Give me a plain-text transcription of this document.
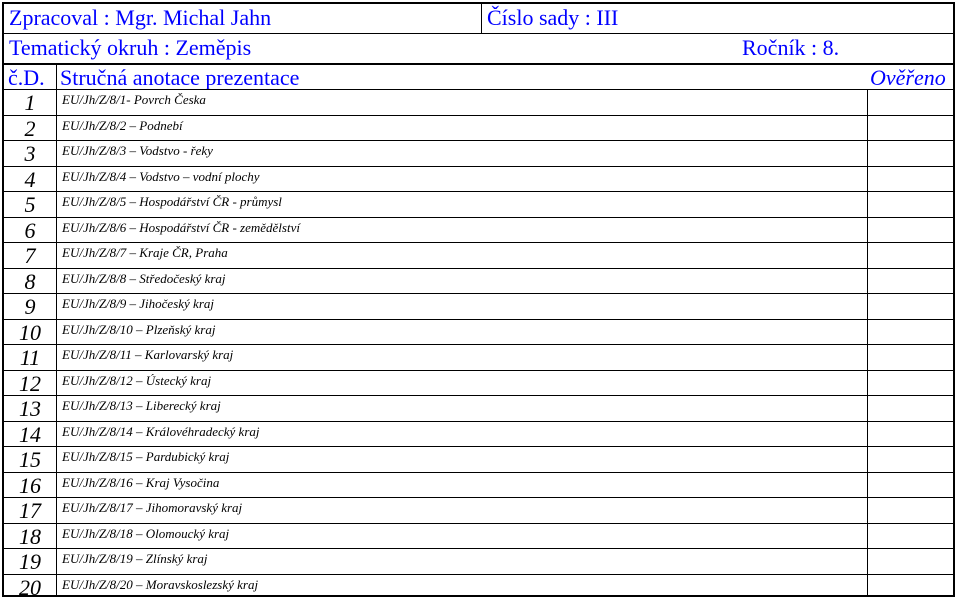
Zpracoval : Mgr. Michal Jahn	Číslo sady : III
Tematický okruh : Zeměpis	Ročník : 8.
č.D. Stručná anotace prezentace	Ověřeno
1	EU/Jh/Z/8/1- Povrch Česka
2	EU/Jh/Z/8/2 – Podnebí
3	EU/Jh/Z/8/3 – Vodstvo - řeky
4	EU/Jh/Z/8/4 – Vodstvo – vodní plochy
5	EU/Jh/Z/8/5 – Hospodářství ČR - průmysl
6	EU/Jh/Z/8/6 – Hospodářství ČR - zemědělství
7	EU/Jh/Z/8/7 – Kraje ČR, Praha
8	EU/Jh/Z/8/8 – Středočeský kraj
9	EU/Jh/Z/8/9 – Jihočeský kraj
10	EU/Jh/Z/8/10 – Plzeňský kraj
11	EU/Jh/Z/8/11 – Karlovarský kraj
12	EU/Jh/Z/8/12 – Ústecký kraj
13	EU/Jh/Z/8/13 – Liberecký kraj
14	EU/Jh/Z/8/14 – Královéhradecký kraj
15	EU/Jh/Z/8/15 – Pardubický kraj
16	EU/Jh/Z/8/16 – Kraj Vysočina
17	EU/Jh/Z/8/17 – Jihomoravský kraj
18	EU/Jh/Z/8/18 – Olomoucký kraj
19	EU/Jh/Z/8/19 – Zlínský kraj
20	EU/Jh/Z/8/20 – Moravskoslezský kraj
